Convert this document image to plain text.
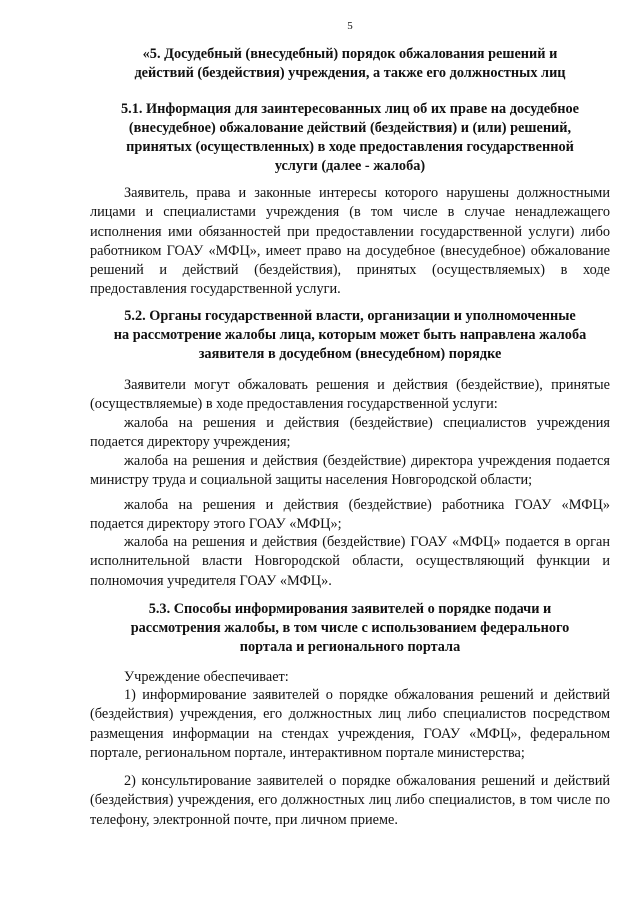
5
«5. Досудебный (внесудебный) порядок обжалования решений и
действий (бездействия) учреждения, а также его должностных лиц
5.1. Информация для заинтересованных лиц об их праве на досудебное
(внесудебное) обжалование действий (бездействия) и (или) решений,
принятых (осуществленных) в ходе предоставления государственной
услуги (далее - жалоба)

Заявитель, права и законные интересы которого нарушены должностными лицами и специалистами учреждения (в том числе в случае ненадлежащего исполнения ими обязанностей при предоставлении государственной услуги) либо работником ГОАУ «МФЦ», имеет право на досудебное (внесудебное) обжалование решений и действий (бездействия), принятых (осуществляемых) в ходе предоставления государственной услуги.

5.2. Органы государственной власти, организации и уполномоченные
на рассмотрение жалобы лица, которым может быть направлена жалоба
заявителя в досудебном (внесудебном) порядке

Заявители могут обжаловать решения и действия (бездействие), принятые (осуществляемые) в ходе предоставления государственной услуги:

жалоба на решения и действия (бездействие) специалистов учреждения подается директору учреждения;

жалоба на решения и действия (бездействие) директора учреждения подается министру труда и социальной защиты населения Новгородской области;

жалоба на решения и действия (бездействие) работника ГОАУ «МФЦ» подается директору этого ГОАУ «МФЦ»;

жалоба на решения и действия (бездействие) ГОАУ «МФЦ» подается в орган исполнительной власти Новгородской области, осуществляющий функции и полномочия учредителя ГОАУ «МФЦ».

5.3. Способы информирования заявителей о порядке подачи и
рассмотрения жалобы, в том числе с использованием федерального
портала и регионального портала

Учреждение обеспечивает:

1) информирование заявителей о порядке обжалования решений и действий (бездействия) учреждения, его должностных лиц либо специалистов посредством размещения информации на стендах учреждения, ГОАУ «МФЦ», федеральном портале, региональном портале, интерактивном портале министерства;

2) консультирование заявителей о порядке обжалования решений и действий (бездействия) учреждения, его должностных лиц либо специалистов, в том числе по телефону, электронной почте, при личном приеме.
